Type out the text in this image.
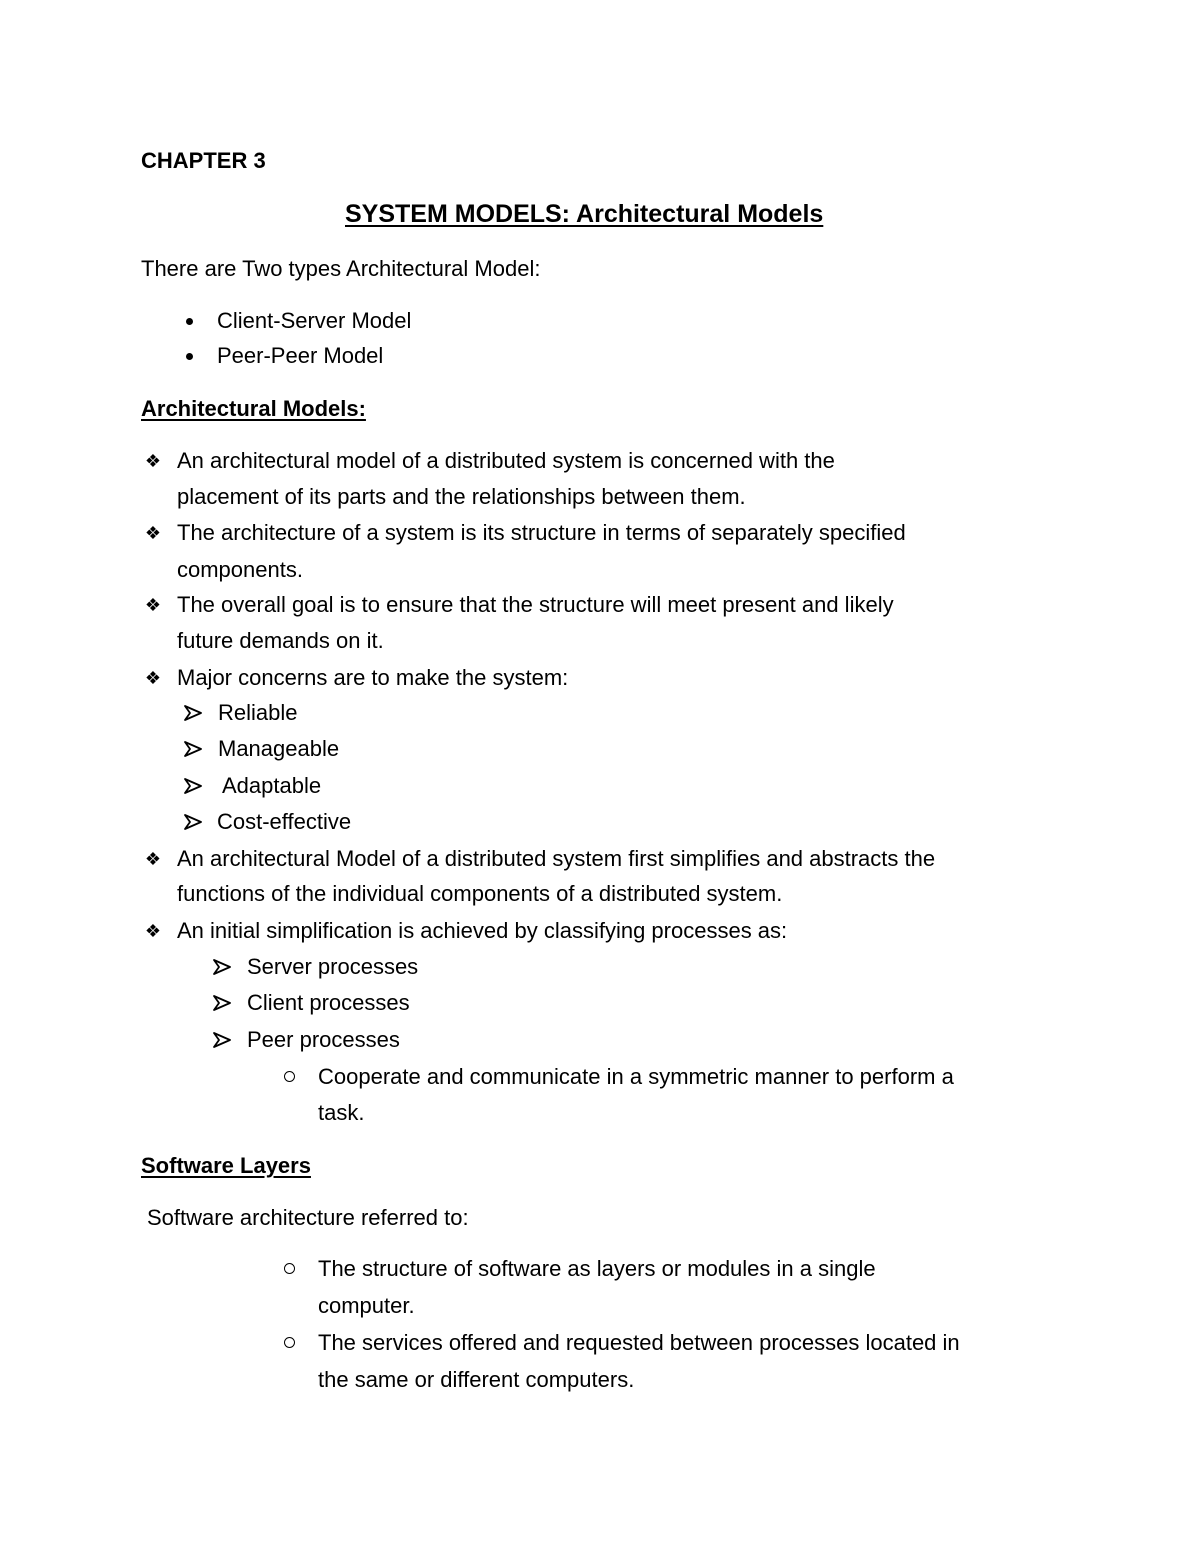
CHAPTER 3
SYSTEM MODELS: Architectural Models
There are Two types Architectural Model:
Client-Server Model
Peer-Peer Model
Architectural Models:
❖ An architectural model of a distributed system is concerned with the
placement of its parts and the relationships between them.
❖ The architecture of a system is its structure in terms of separately specified
components.
❖ The overall goal is to ensure that the structure will meet present and likely
future demands on it.
❖ Major concerns are to make the system:
Reliable
Manageable
Adaptable
Cost-effective
❖ An architectural Model of a distributed system first simplifies and abstracts the
functions of the individual components of a distributed system.
❖ An initial simplification is achieved by classifying processes as:
Server processes
Client processes
Peer processes
Cooperate and communicate in a symmetric manner to perform a
task.
Software Layers
Software architecture referred to:
The structure of software as layers or modules in a single
computer.
The services offered and requested between processes located in
the same or different computers.
